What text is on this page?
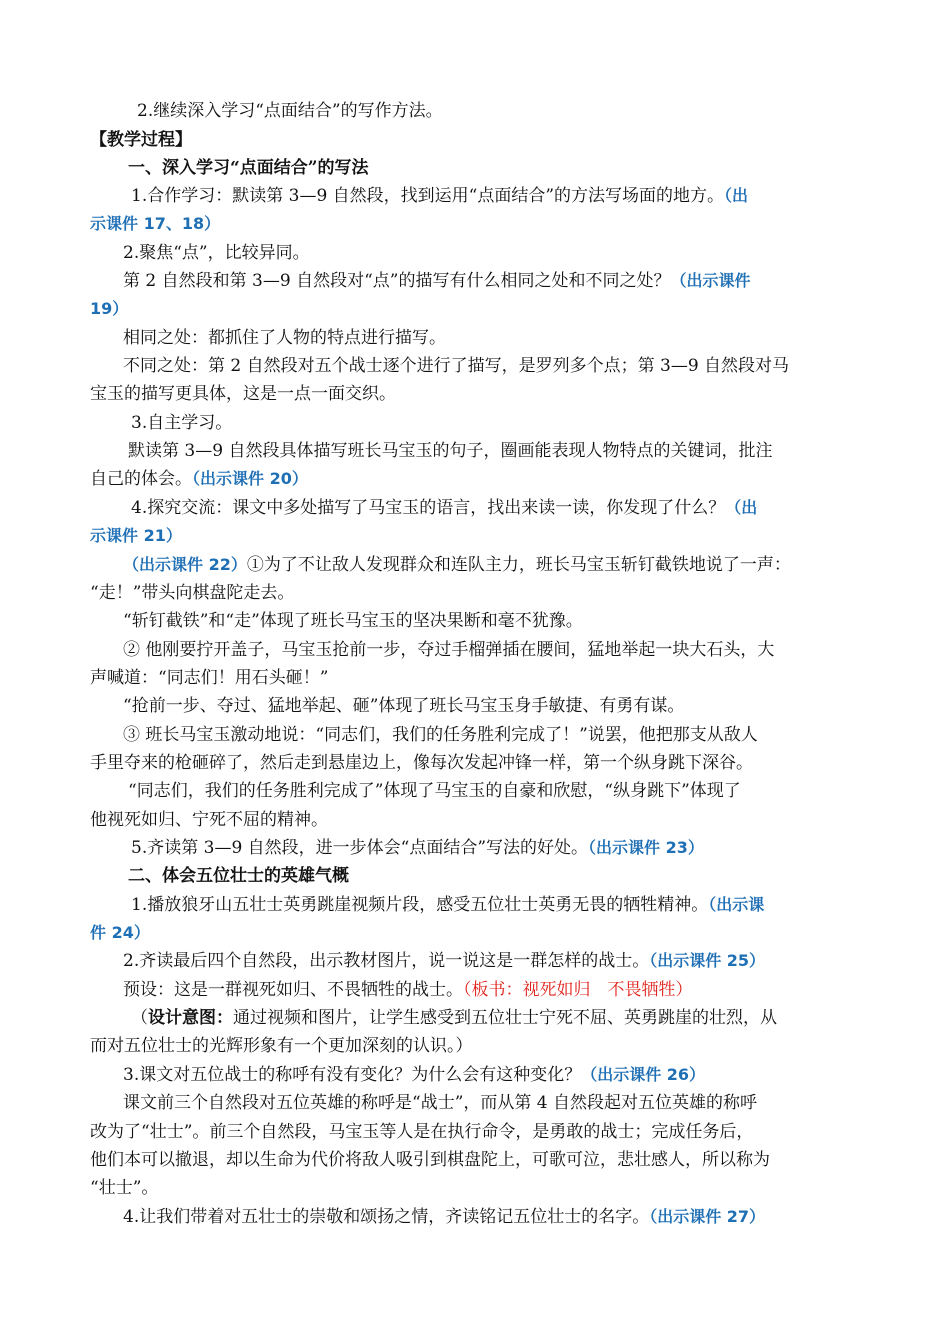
2.继续深入学习“点面结合”的写作方法。
【教学过程】
一、深入学习“点面结合”的写法
1.合作学习：默读第 3—9 自然段，找到运用“点面结合”的方法写场面的地方。（出
示课件 17、18）
2.聚焦“点”，比较异同。
第 2 自然段和第 3—9 自然段对“点”的描写有什么相同之处和不同之处？（出示课件
19）
相同之处：都抓住了人物的特点进行描写。
不同之处：第 2 自然段对五个战士逐个进行了描写，是罗列多个点；第 3—9 自然段对马
宝玉的描写更具体，这是一点一面交织。
3.自主学习。
默读第 3—9 自然段具体描写班长马宝玉的句子，圈画能表现人物特点的关键词，批注
自己的体会。（出示课件 20）
4.探究交流：课文中多处描写了马宝玉的语言，找出来读一读，你发现了什么？（出
示课件 21）
（出示课件 22）①为了不让敌人发现群众和连队主力，班长马宝玉斩钉截铁地说了一声：
“走！”带头向棋盘陀走去。
“斩钉截铁”和“走”体现了班长马宝玉的坚决果断和毫不犹豫。
② 他刚要拧开盖子，马宝玉抢前一步，夺过手榴弹插在腰间，猛地举起一块大石头，大
声喊道：“同志们！用石头砸！”
“抢前一步、夺过、猛地举起、砸”体现了班长马宝玉身手敏捷、有勇有谋。
③ 班长马宝玉激动地说：“同志们，我们的任务胜利完成了！”说罢，他把那支从敌人
手里夺来的枪砸碎了，然后走到悬崖边上，像每次发起冲锋一样，第一个纵身跳下深谷。
“同志们，我们的任务胜利完成了”体现了马宝玉的自豪和欣慰，“纵身跳下”体现了
他视死如归、宁死不屈的精神。
5.齐读第 3—9 自然段，进一步体会“点面结合”写法的好处。（出示课件 23）
二、体会五位壮士的英雄气概
1.播放狼牙山五壮士英勇跳崖视频片段，感受五位壮士英勇无畏的牺牲精神。（出示课
件 24）
2.齐读最后四个自然段，出示教材图片，说一说这是一群怎样的战士。（出示课件 25）
预设：这是一群视死如归、不畏牺牲的战士。（板书：视死如归　不畏牺牲）
（设计意图：通过视频和图片，让学生感受到五位壮士宁死不屈、英勇跳崖的壮烈，从
而对五位壮士的光辉形象有一个更加深刻的认识。）
3.课文对五位战士的称呼有没有变化？为什么会有这种变化？（出示课件 26）
课文前三个自然段对五位英雄的称呼是“战士”，而从第 4 自然段起对五位英雄的称呼
改为了“壮士”。前三个自然段，马宝玉等人是在执行命令，是勇敢的战士；完成任务后，
他们本可以撤退，却以生命为代价将敌人吸引到棋盘陀上，可歌可泣，悲壮感人，所以称为
“壮士”。
4.让我们带着对五壮士的崇敬和颂扬之情，齐读铭记五位壮士的名字。（出示课件 27）
